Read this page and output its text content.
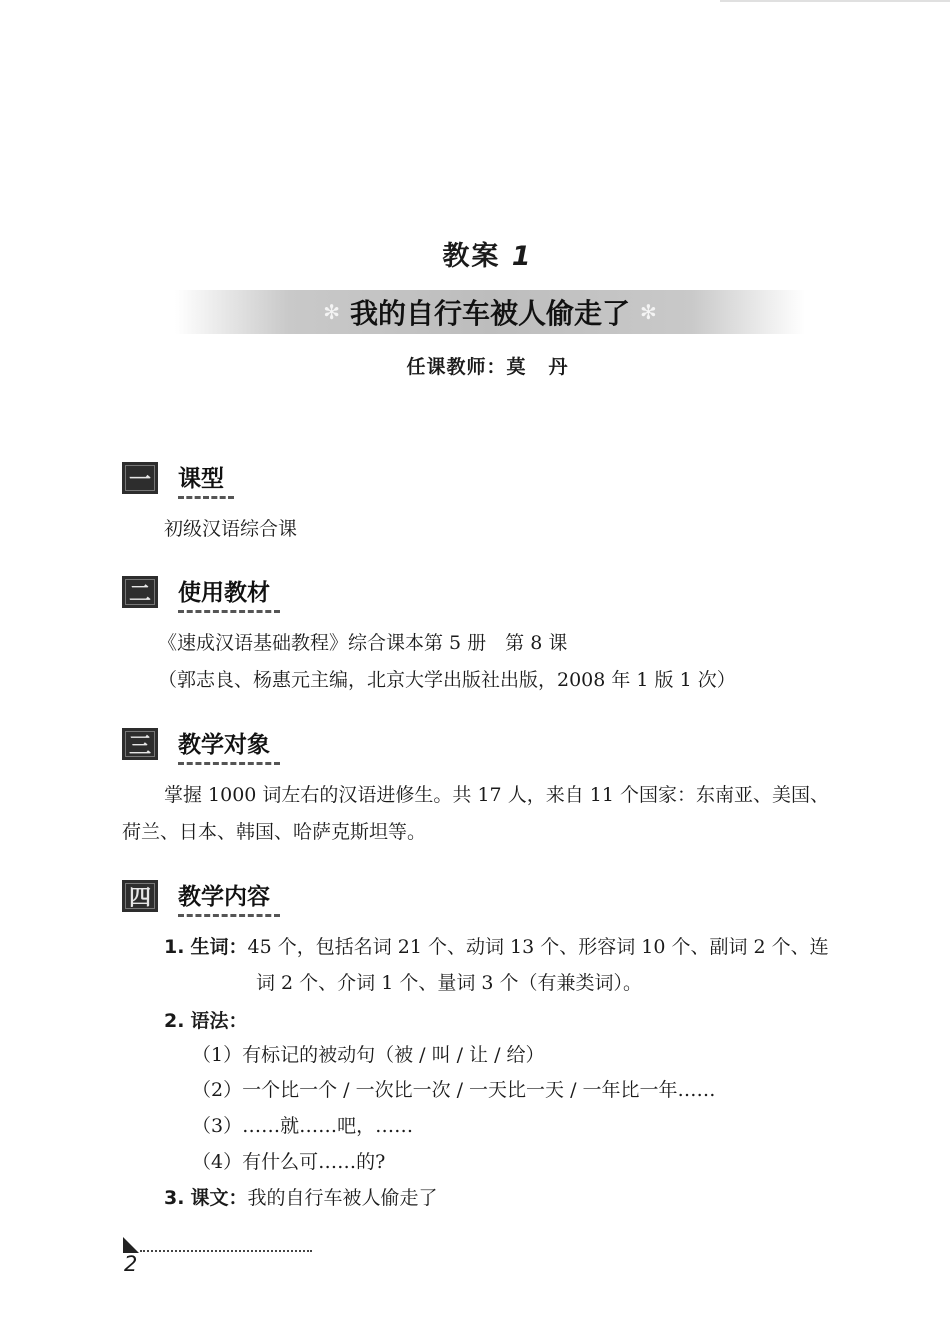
教案 1
✻ 我的自行车被人偷走了 ✻
任课教师：莫 丹
一	课型
初级汉语综合课
二	使用教材
《速成汉语基础教程》综合课本第 5 册　第 8 课
（郭志良、杨惠元主编，北京大学出版社出版，2008 年 1 版 1 次）
三	教学对象
掌握 1000 词左右的汉语进修生。共 17 人，来自 11 个国家：东南亚、美国、
荷兰、日本、韩国、哈萨克斯坦等。
四	教学内容
1. 生词：45 个，包括名词 21 个、动词 13 个、形容词 10 个、副词 2 个、连
词 2 个、介词 1 个、量词 3 个（有兼类词）。
2. 语法：
（1）有标记的被动句（被 / 叫 / 让 / 给）
（2）一个比一个 / 一次比一次 / 一天比一天 / 一年比一年……
（3）……就……吧，……
（4）有什么可……的?
3. 课文：我的自行车被人偷走了
2
